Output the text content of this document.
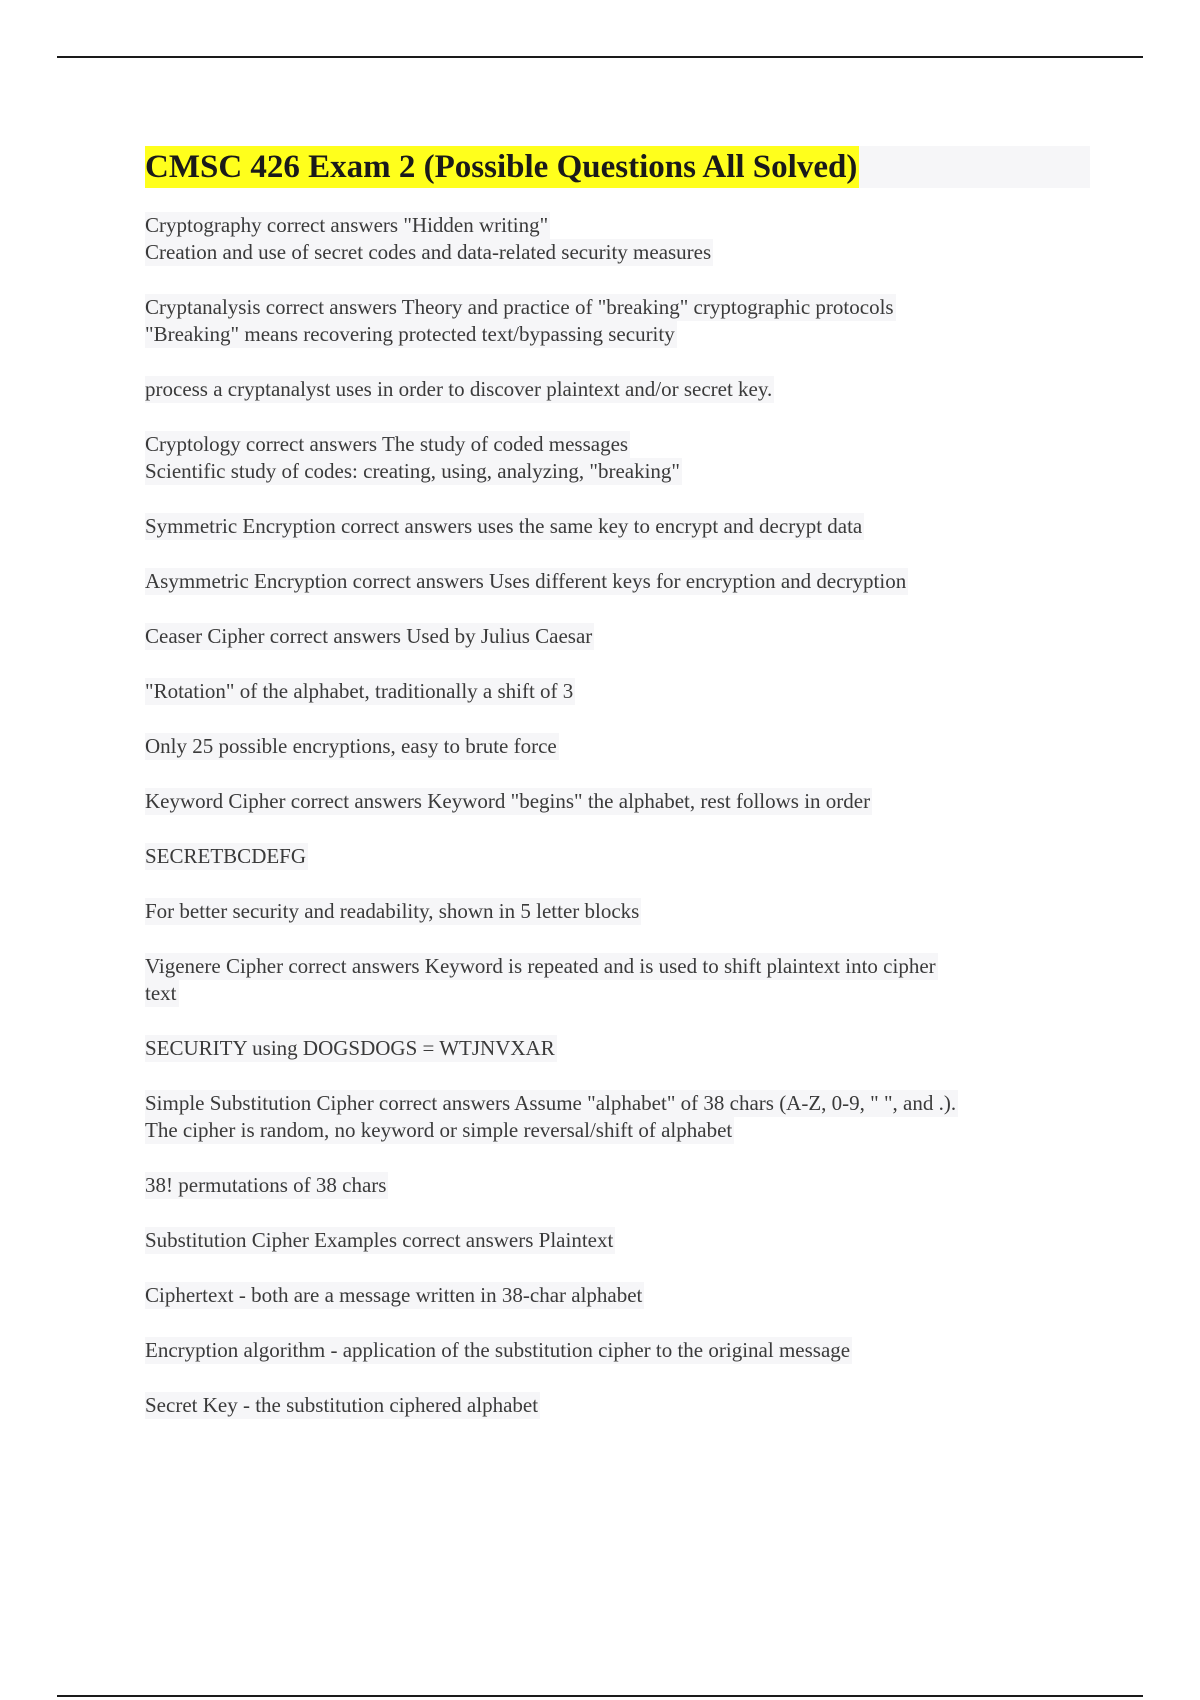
CMSC 426 Exam 2 (Possible Questions All Solved)
Cryptography correct answers "Hidden writing"
Creation and use of secret codes and data-related security measures
Cryptanalysis correct answers Theory and practice of "breaking" cryptographic protocols
"Breaking" means recovering protected text/bypassing security
process a cryptanalyst uses in order to discover plaintext and/or secret key.
Cryptology correct answers The study of coded messages
Scientific study of codes: creating, using, analyzing, "breaking"
Symmetric Encryption correct answers uses the same key to encrypt and decrypt data
Asymmetric Encryption correct answers Uses different keys for encryption and decryption
Ceaser Cipher correct answers Used by Julius Caesar
"Rotation" of the alphabet, traditionally a shift of 3
Only 25 possible encryptions, easy to brute force
Keyword Cipher correct answers Keyword "begins" the alphabet, rest follows in order
SECRETBCDEFG
For better security and readability, shown in 5 letter blocks
Vigenere Cipher correct answers Keyword is repeated and is used to shift plaintext into cipher
text
SECURITY using DOGSDOGS = WTJNVXAR
Simple Substitution Cipher correct answers Assume "alphabet" of 38 chars (A-Z, 0-9, " ", and .).
The cipher is random, no keyword or simple reversal/shift of alphabet
38! permutations of 38 chars
Substitution Cipher Examples correct answers Plaintext
Ciphertext - both are a message written in 38-char alphabet
Encryption algorithm - application of the substitution cipher to the original message
Secret Key - the substitution ciphered alphabet
